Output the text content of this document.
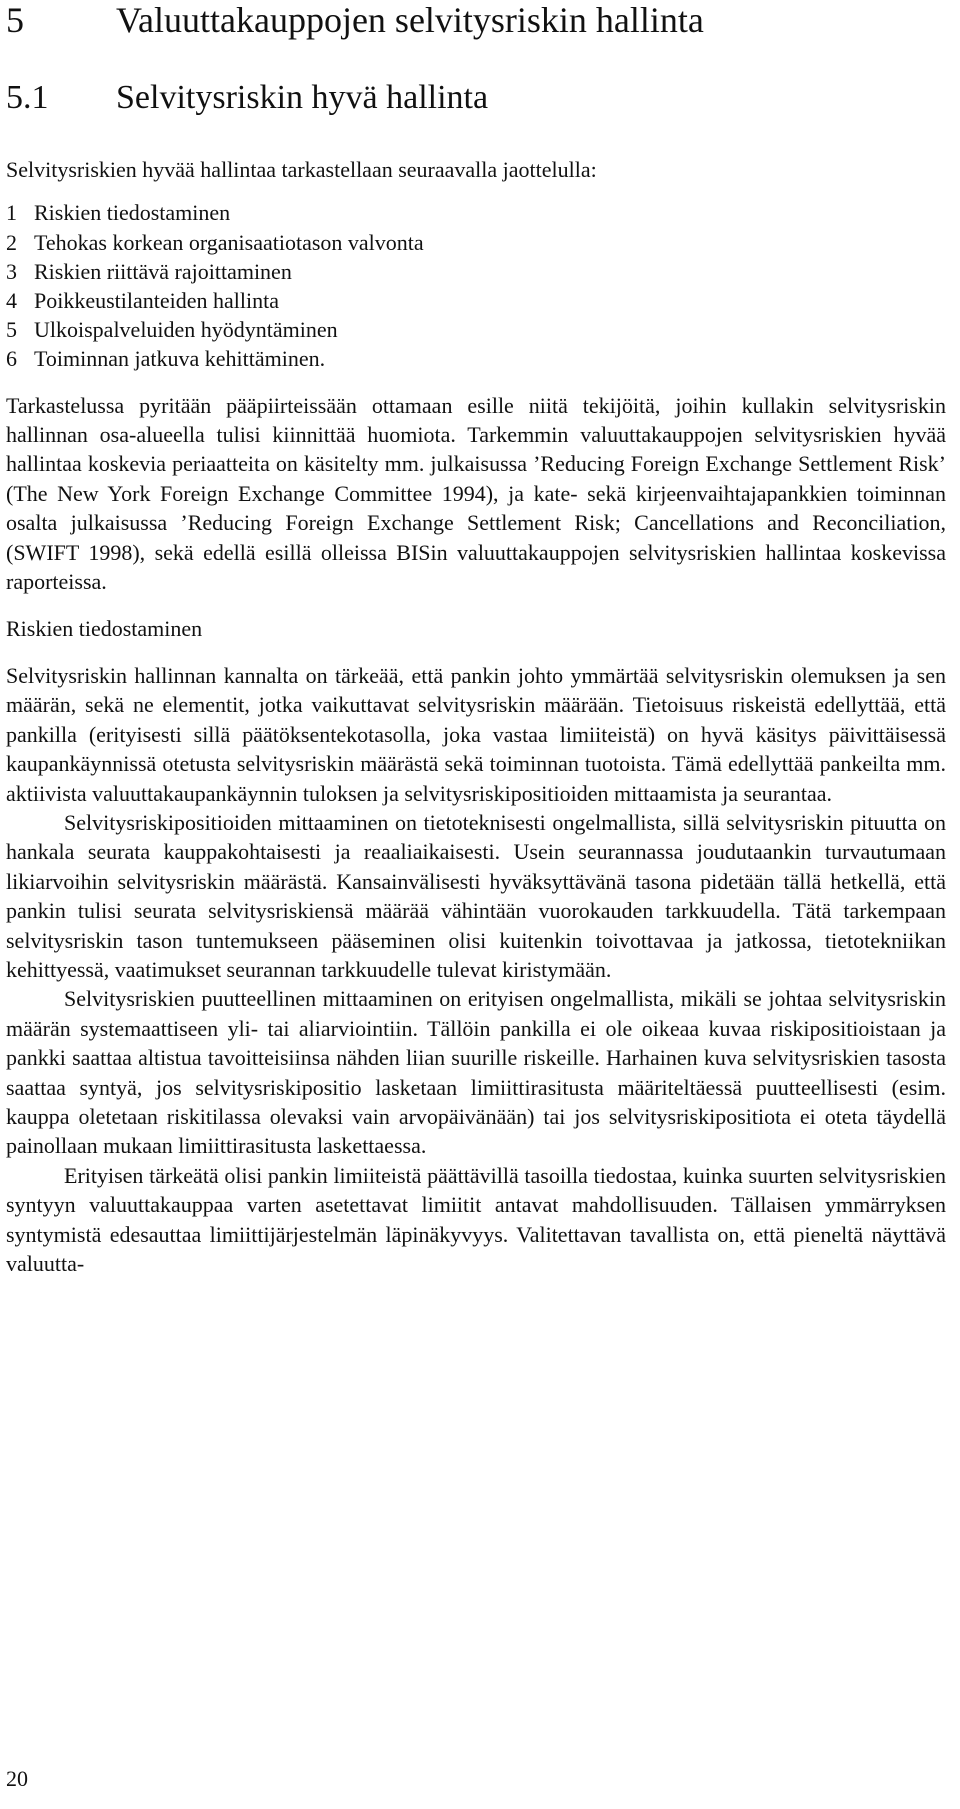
5	Valuuttakauppojen selvitysriskin hallinta
5.1 Selvitysriskin hyvä hallinta

Selvitysriskien hyvää hallintaa tarkastellaan seuraavalla jaottelulla:

1 Riskien tiedostaminen
2 Tehokas korkean organisaatiotason valvonta
3 Riskien riittävä rajoittaminen
4 Poikkeustilanteiden hallinta
5 Ulkoispalveluiden hyödyntäminen
6 Toiminnan jatkuva kehittäminen.

Tarkastelussa pyritään pääpiirteissään ottamaan esille niitä tekijöitä, joihin kullakin selvitysriskin hallinnan osa-alueella tulisi kiinnittää huomiota. Tarkemmin valuuttakauppojen selvitysriskien hyvää hallintaa koskevia periaatteita on käsitelty mm. julkaisussa ’Reducing Foreign Exchange Settlement Risk’ (The New York Foreign Exchange Committee 1994), ja kate- sekä kirjeenvaihtajapankkien toiminnan osalta julkaisussa ’Reducing Foreign Exchange Settlement Risk; Cancellations and Reconciliation, (SWIFT 1998), sekä edellä esillä olleissa BISin valuuttakauppojen selvitysriskien hallintaa koskevissa raporteissa.

Riskien tiedostaminen

Selvitysriskin hallinnan kannalta on tärkeää, että pankin johto ymmärtää selvitysriskin olemuksen ja sen määrän, sekä ne elementit, jotka vaikuttavat selvitysriskin määrään. Tietoisuus riskeistä edellyttää, että pankilla (erityisesti sillä päätöksentekotasolla, joka vastaa limiiteistä) on hyvä käsitys päivittäisessä kaupankäynnissä otetusta selvitysriskin määrästä sekä toiminnan tuotoista. Tämä edellyttää pankeilta mm. aktiivista valuuttakaupankäynnin tuloksen ja selvitysriskipositioiden mittaamista ja seurantaa.

Selvitysriskipositioiden mittaaminen on tietoteknisesti ongelmallista, sillä selvitysriskin pituutta on hankala seurata kauppakohtaisesti ja reaaliaikaisesti. Usein seurannassa joudutaankin turvautumaan likiarvoihin selvitysriskin määrästä. Kansainvälisesti hyväksyttävänä tasona pidetään tällä hetkellä, että pankin tulisi seurata selvitysriskiensä määrää vähintään vuorokauden tarkkuudella. Tätä tarkempaan selvitysriskin tason tuntemukseen pääseminen olisi kuitenkin toivottavaa ja jatkossa, tietotekniikan kehittyessä, vaatimukset seurannan tarkkuudelle tulevat kiristymään.

Selvitysriskien puutteellinen mittaaminen on erityisen ongelmallista, mikäli se johtaa selvitysriskin määrän systemaattiseen yli- tai aliarviointiin. Tällöin pankilla ei ole oikeaa kuvaa riskipositioistaan ja pankki saattaa altistua tavoitteisiinsa nähden liian suurille riskeille. Harhainen kuva selvitysriskien tasosta saattaa syntyä, jos selvitysriskipositio lasketaan limiittirasitusta määriteltäessä puutteellisesti (esim. kauppa oletetaan riskitilassa olevaksi vain arvopäivänään) tai jos selvitysriskipositiota ei oteta täydellä painollaan mukaan limiittirasitusta laskettaessa.

Erityisen tärkeätä olisi pankin limiiteistä päättävillä tasoilla tiedostaa, kuinka suurten selvitysriskien syntyyn valuuttakauppaa varten asetettavat limiitit antavat mahdollisuuden. Tällaisen ymmärryksen syntymistä edesauttaa limiittijärjestelmän läpinäkyvyys. Valitettavan tavallista on, että pieneltä näyttävä valuutta-

20
